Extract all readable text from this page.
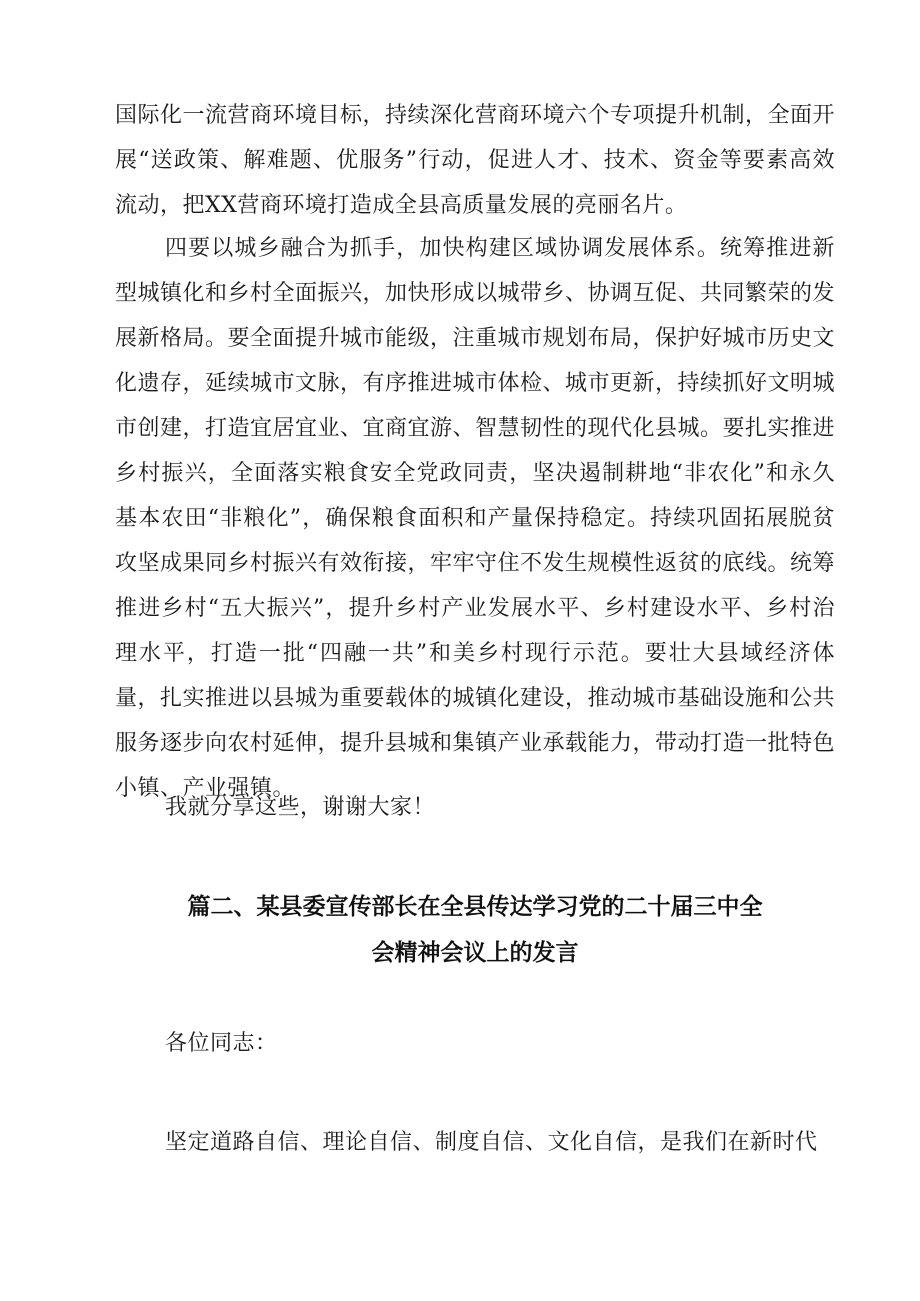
国际化一流营商环境目标，持续深化营商环境六个专项提升机制，全面开展“送政策、解难题、优服务”行动，促进人才、技术、资金等要素高效流动，把XX营商环境打造成全县高质量发展的亮丽名片。

四要以城乡融合为抓手，加快构建区域协调发展体系。统筹推进新型城镇化和乡村全面振兴，加快形成以城带乡、协调互促、共同繁荣的发展新格局。要全面提升城市能级，注重城市规划布局，保护好城市历史文化遗存，延续城市文脉，有序推进城市体检、城市更新，持续抓好文明城市创建，打造宜居宜业、宜商宜游、智慧韧性的现代化县城。要扎实推进乡村振兴，全面落实粮食安全党政同责，坚决遏制耕地“非农化”和永久基本农田“非粮化”，确保粮食面积和产量保持稳定。持续巩固拓展脱贫攻坚成果同乡村振兴有效衔接，牢牢守住不发生规模性返贫的底线。统筹推进乡村“五大振兴”，提升乡村产业发展水平、乡村建设水平、乡村治理水平，打造一批“四融一共”和美乡村现行示范。要壮大县域经济体量，扎实推进以县城为重要载体的城镇化建设，推动城市基础设施和公共服务逐步向农村延伸，提升县城和集镇产业承载能力，带动打造一批特色小镇、产业强镇。

我就分享这些，谢谢大家！

篇二、某县委宣传部长在全县传达学习党的二十届三中全
会精神会议上的发言

各位同志：

坚定道路自信、理论自信、制度自信、文化自信，是我们在新时代
